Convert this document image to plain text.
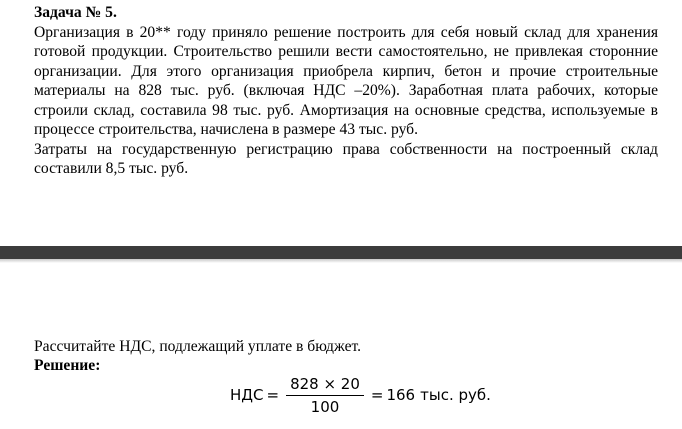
Задача № 5.

Организация в 20** году приняло решение построить для себя новый склад для хранения готовой продукции. Строительство решили вести самостоятельно, не привлекая сторонние организации. Для этого организация приобрела кирпич, бетон и прочие строительные материалы на 828 тыс. руб. (включая НДС –20%). Заработная плата рабочих, которые строили склад, составила 98 тыс. руб. Амортизация на основные средства, используемые в процессе строительства, начислена в размере 43 тыс. руб.

Затраты на государственную регистрацию права собственности на построенный склад составили 8,5 тыс. руб.

Рассчитайте НДС, подлежащий уплате в бюджет.

Решение:

НДС = $\frac{828 \times 20}{100} = 166$ тыс. руб.
